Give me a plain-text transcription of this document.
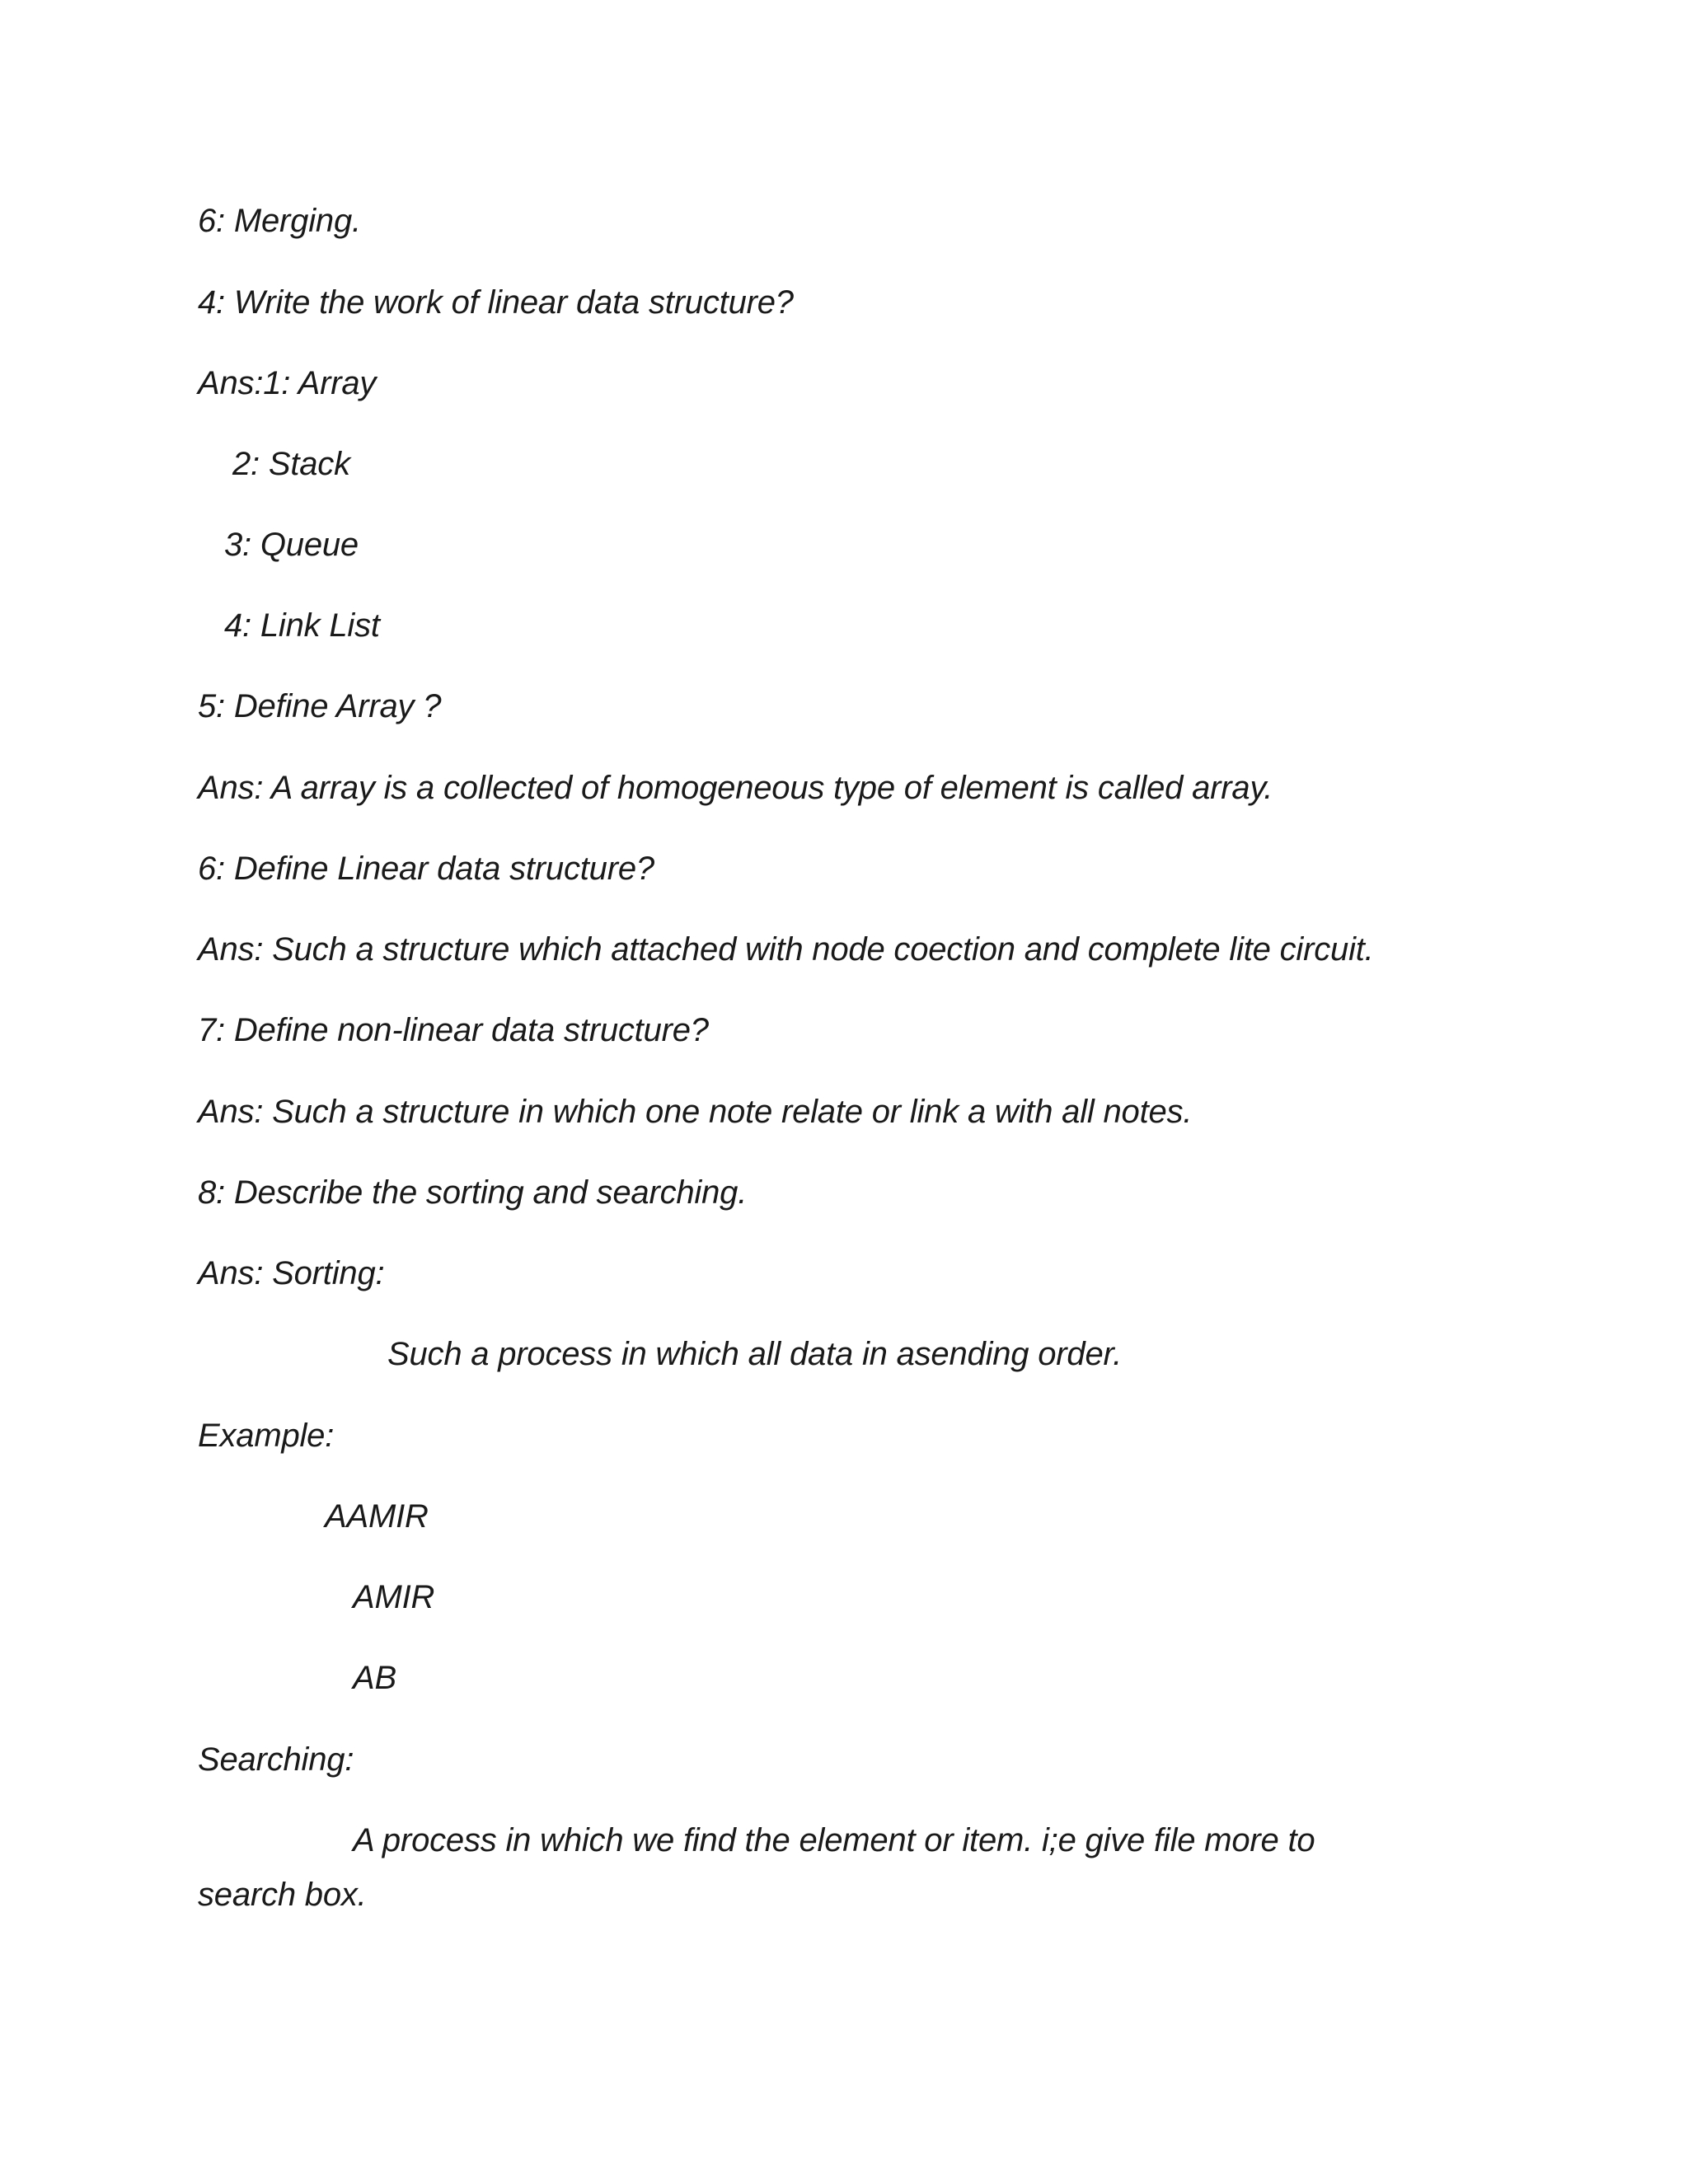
6: Merging.

4: Write the work of linear data structure?

Ans:1: Array

2: Stack

3: Queue

4: Link List

5: Define Array ?

Ans: A array is a collected of homogeneous type of element is called array.

6: Define Linear data structure?

Ans: Such a structure which attached with node coection and complete lite circuit.

7: Define non-linear data structure?

Ans: Such a structure in which one note relate or link a with all notes.

8: Describe the sorting and searching.

Ans: Sorting:

Such a process in which all data in asending order.

Example:

AAMIR

AMIR

AB

Searching:

A process in which we find the element or item. i;e give file more to

search box.
